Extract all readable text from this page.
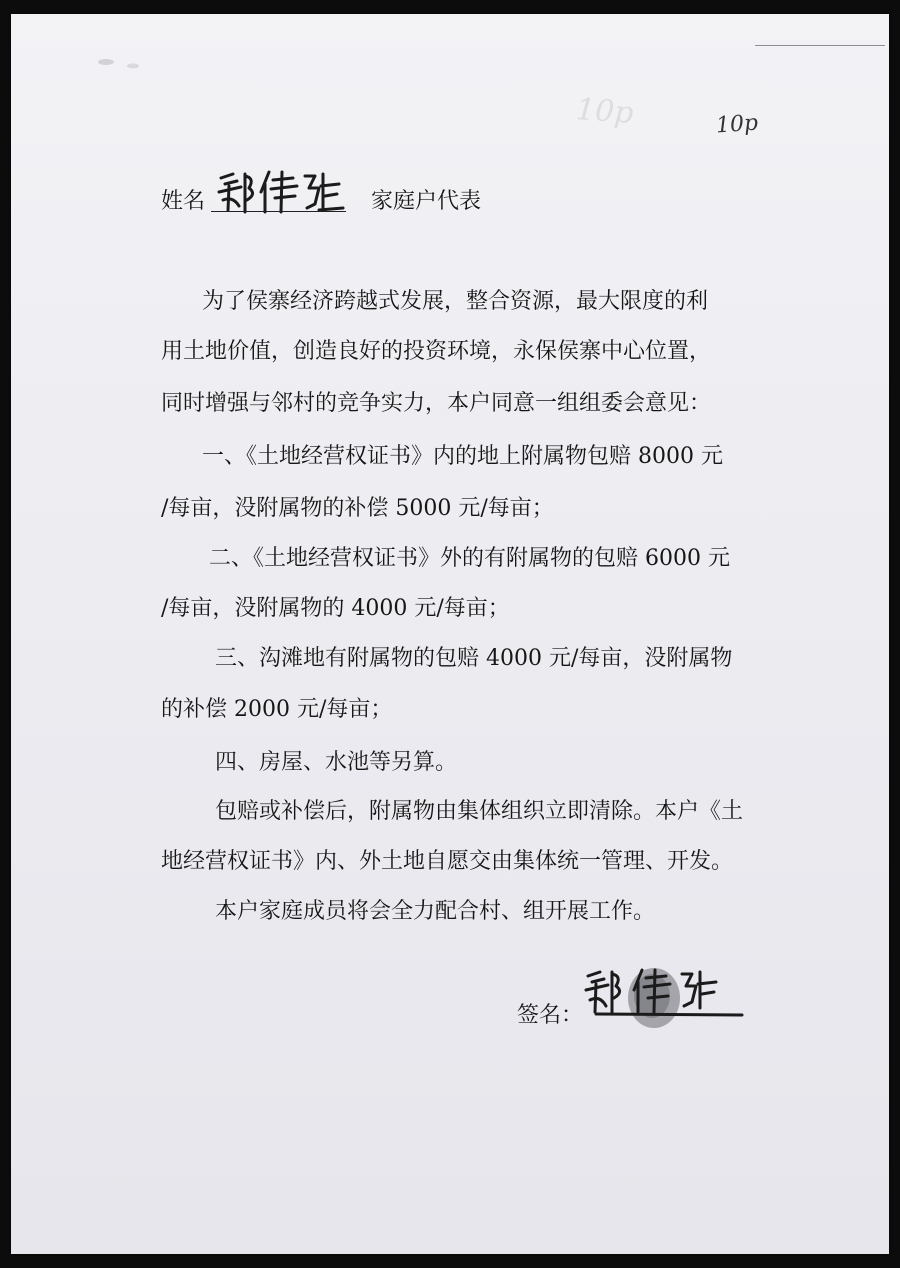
10p	10p
姓名	家庭户代表
为了侯寨经济跨越式发展，整合资源，最大限度的利
用土地价值，创造良好的投资环境，永保侯寨中心位置，
同时增强与邻村的竞争实力，本户同意一组组委会意见：
一、《土地经营权证书》内的地上附属物包赔 8000 元
/每亩，没附属物的补偿 5000 元/每亩；
二、《土地经营权证书》外的有附属物的包赔 6000 元
/每亩，没附属物的 4000 元/每亩；
三、沟滩地有附属物的包赔 4000 元/每亩，没附属物
的补偿 2000 元/每亩；
四、房屋、水池等另算。
包赔或补偿后，附属物由集体组织立即清除。本户《土
地经营权证书》内、外土地自愿交由集体统一管理、开发。
本户家庭成员将会全力配合村、组开展工作。
签名：
